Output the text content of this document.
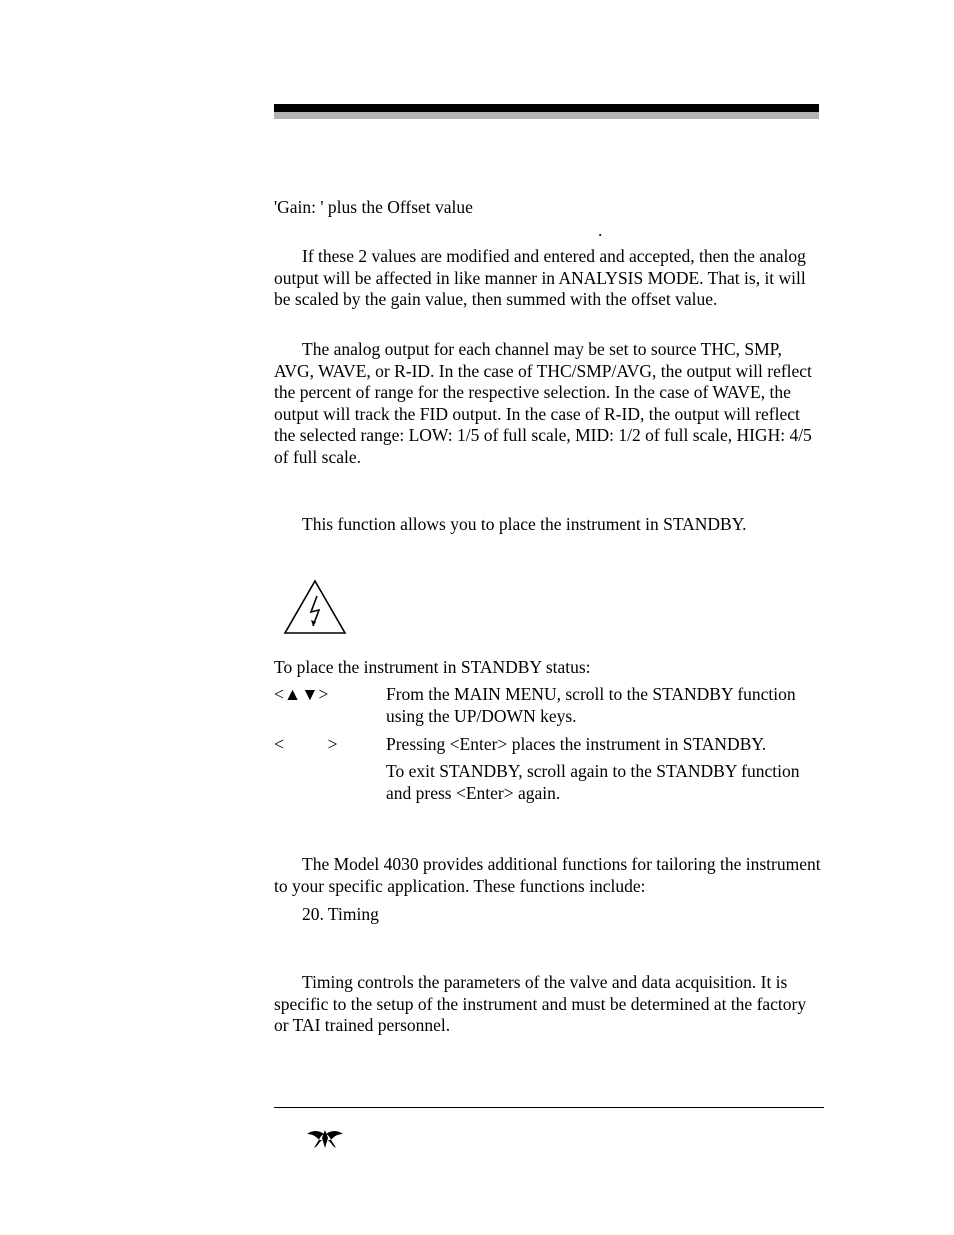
'Gain: ' plus the Offset value
.
If these 2 values are modified and entered and accepted, then the analog output will be affected in like manner in ANALYSIS MODE. That is, it will be scaled by the gain value, then summed with the offset value.
The analog output for each channel may be set to source THC, SMP, AVG, WAVE, or R-ID. In the case of THC/SMP/AVG, the output will reflect the percent of range for the respective selection. In the case of WAVE, the output will track the FID output. In the case of R-ID, the output will reflect the selected range: LOW: 1/5 of full scale, MID: 1/2 of full scale, HIGH: 4/5 of full scale.
This function allows you to place the instrument in STANDBY.
To place the instrument in STANDBY status:
<▲▼>	From the MAIN MENU, scroll to the STANDBY function using the UP/DOWN keys.
<          >	Pressing <Enter> places the instrument in STANDBY.
To exit STANDBY, scroll again to the STANDBY function and press <Enter> again.
The Model 4030 provides additional functions for tailoring the instrument to your specific application. These functions include:
20. Timing
Timing controls the parameters of the valve and data acquisition. It is specific to the setup of the instrument and must be determined at the factory or TAI trained personnel.
